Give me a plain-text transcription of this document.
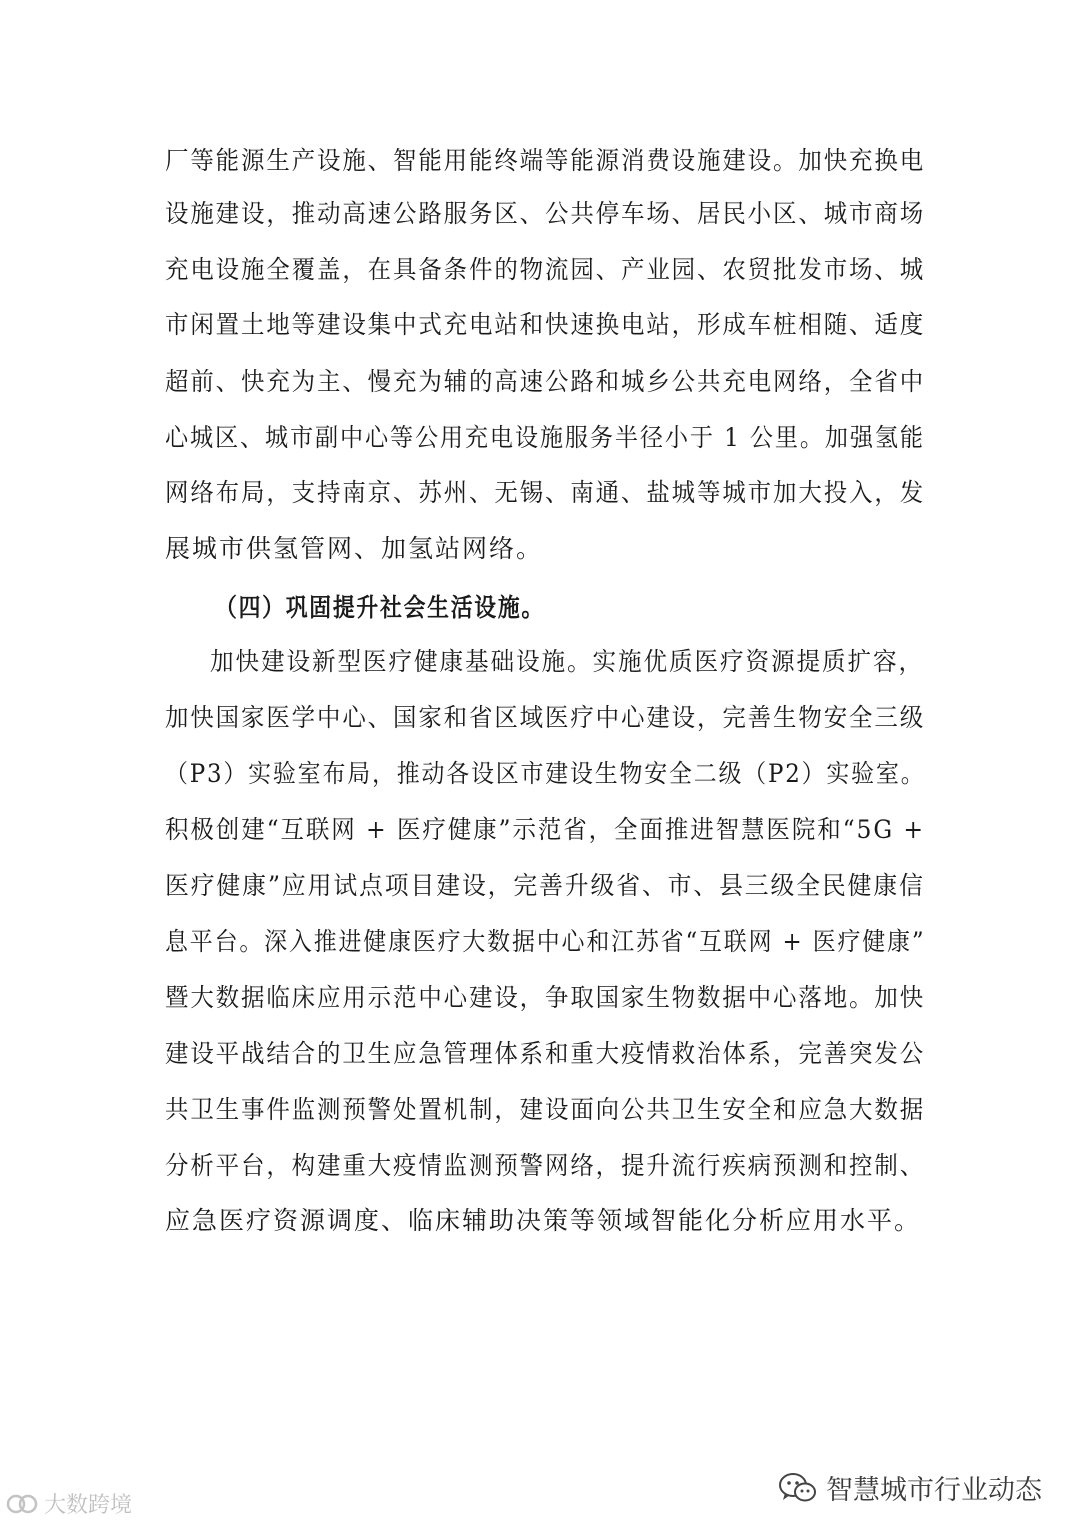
厂等能源生产设施、智能用能终端等能源消费设施建设。加快充换电
设施建设，推动高速公路服务区、公共停车场、居民小区、城市商场
充电设施全覆盖，在具备条件的物流园、产业园、农贸批发市场、城
市闲置土地等建设集中式充电站和快速换电站，形成车桩相随、适度
超前、快充为主、慢充为辅的高速公路和城乡公共充电网络，全省中
心城区、城市副中心等公用充电设施服务半径小于 1 公里。加强氢能
网络布局，支持南京、苏州、无锡、南通、盐城等城市加大投入，发
展城市供氢管网、加氢站网络。
（四）巩固提升社会生活设施。
加快建设新型医疗健康基础设施。实施优质医疗资源提质扩容，
加快国家医学中心、国家和省区域医疗中心建设，完善生物安全三级
（P3）实验室布局，推动各设区市建设生物安全二级（P2）实验室。
积极创建“互联网 + 医疗健康”示范省，全面推进智慧医院和“5G +
医疗健康”应用试点项目建设，完善升级省、市、县三级全民健康信
息平台。深入推进健康医疗大数据中心和江苏省“互联网 + 医疗健康”
暨大数据临床应用示范中心建设，争取国家生物数据中心落地。加快
建设平战结合的卫生应急管理体系和重大疫情救治体系，完善突发公
共卫生事件监测预警处置机制，建设面向公共卫生安全和应急大数据
分析平台，构建重大疫情监测预警网络，提升流行疾病预测和控制、
应急医疗资源调度、临床辅助决策等领域智能化分析应用水平。
大数跨境	智慧城市行业动态
